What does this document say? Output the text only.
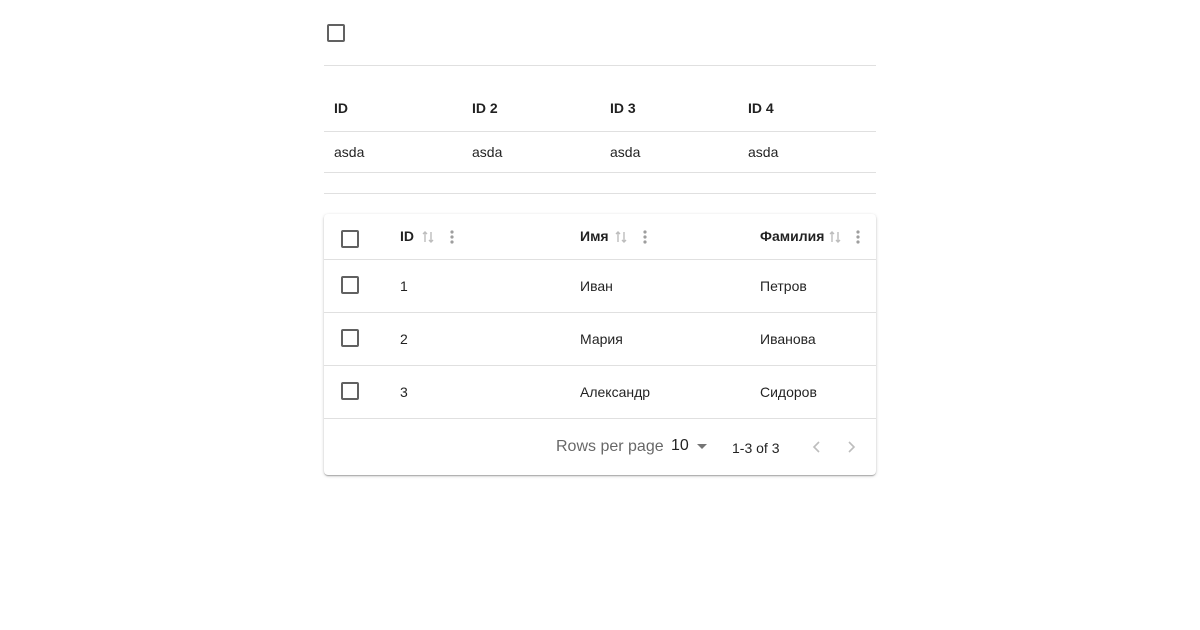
ID	ID 2	ID 3	ID 4
asda	asda	asda	asda
ID	Имя	Фамилия
1	Иван	Петров
2	Мария	Иванова
3	Александр	Сидоров
Rows per page 10	1-3 of 3
